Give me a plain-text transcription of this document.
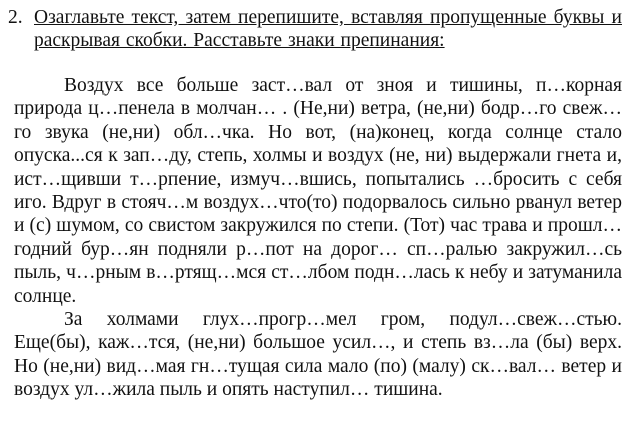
2. Озаглавьте текст, затем перепишите, вставляя пропущенные буквы и раскрывая скобки. Расставьте знаки препинания:

Воздух все больше заст…вал от зноя и тишины, п…корная природа ц…пенела в молчан… . (Не,ни) ветра, (не,ни) бодр…го свеж…го звука (не,ни) обл…чка. Но вот, (на)конец, когда солнце стало опуска...ся к зап…ду, степь, холмы и воздух (не, ни) выдержали гнета и, ист…щивши т…рпение, измуч…вшись, попытались …бросить с себя иго. Вдруг в стояч…м воздух…что(то) подорвалось сильно рванул ветер и (с) шумом, со свистом закружился по степи. (Тот) час трава и прошл…годний бур…ян подняли р…пот на дорог… сп…ралью закружил…сь пыль, ч…рным в…ртящ…мся ст…лбом подн…лась к небу и затуманила солнце.

За холмами глух…прогр…мел гром, подул…свеж…стью. Еще(бы), каж…тся, (не,ни) большое усил…, и степь вз…ла (бы) верх. Но (не,ни) вид…мая гн…тущая сила мало (по) (малу) ск…вал… ветер и воздух ул…жила пыль и опять наступил… тишина.
